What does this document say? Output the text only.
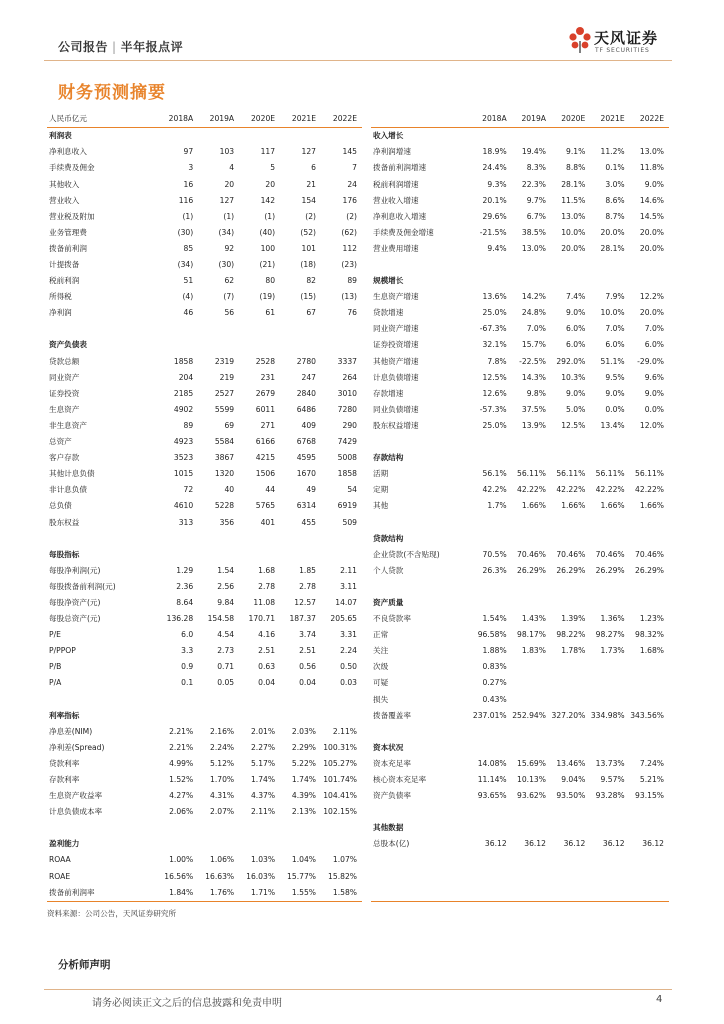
公司报告 | 半年报点评	天风证券
TF SECURITIES
财务预测摘要
人民币亿元	2018A	2019A	2020E	2021E	2022E
利润表					
净利息收入	97	103	117	127	145
手续费及佣金	3	4	5	6	7
其他收入	16	20	20	21	24
营业收入	116	127	142	154	176
营业税及附加	(1)	(1)	(1)	(2)	(2)
业务管理费	(30)	(34)	(40)	(52)	(62)
拨备前利润	85	92	100	101	112
计提拨备	(34)	(30)	(21)	(18)	(23)
税前利润	51	62	80	82	89
所得税	(4)	(7)	(19)	(15)	(13)
净利润	46	56	61	67	76

资产负债表					
贷款总额	1858	2319	2528	2780	3337
同业资产	204	219	231	247	264
证券投资	2185	2527	2679	2840	3010
生息资产	4902	5599	6011	6486	7280
非生息资产	89	69	271	409	290
总资产	4923	5584	6166	6768	7429
客户存款	3523	3867	4215	4595	5008
其他计息负债	1015	1320	1506	1670	1858
非计息负债	72	40	44	49	54
总负债	4610	5228	5765	6314	6919
股东权益	313	356	401	455	509

每股指标					
每股净利润(元)	1.29	1.54	1.68	1.85	2.11
每股拨备前利润(元)	2.36	2.56	2.78	2.78	3.11
每股净资产(元)	8.64	9.84	11.08	12.57	14.07
每股总资产(元)	136.28	154.58	170.71	187.37	205.65
P/E	6.0	4.54	4.16	3.74	3.31
P/PPOP	3.3	2.73	2.51	2.51	2.24
P/B	0.9	0.71	0.63	0.56	0.50
P/A	0.1	0.05	0.04	0.04	0.03

利率指标					
净息差(NIM)	2.21%	2.16%	2.01%	2.03%	2.11%
净利差(Spread)	2.21%	2.24%	2.27%	2.29%	100.31%
贷款利率	4.99%	5.12%	5.17%	5.22%	105.27%
存款利率	1.52%	1.70%	1.74%	1.74%	101.74%
生息资产收益率	4.27%	4.31%	4.37%	4.39%	104.41%
计息负债成本率	2.06%	2.07%	2.11%	2.13%	102.15%

盈利能力					
ROAA	1.00%	1.06%	1.03%	1.04%	1.07%
ROAE	16.56%	16.63%	16.03%	15.77%	15.82%
拨备前利润率	1.84%	1.76%	1.71%	1.55%	1.58%
	2018A	2019A	2020E	2021E	2022E
收入增长					
净利润增速	18.9%	19.4%	9.1%	11.2%	13.0%
拨备前利润增速	24.4%	8.3%	8.8%	0.1%	11.8%
税前利润增速	9.3%	22.3%	28.1%	3.0%	9.0%
营业收入增速	20.1%	9.7%	11.5%	8.6%	14.6%
净利息收入增速	29.6%	6.7%	13.0%	8.7%	14.5%
手续费及佣金增速	-21.5%	38.5%	10.0%	20.0%	20.0%
营业费用增速	9.4%	13.0%	20.0%	28.1%	20.0%

规模增长					
生息资产增速	13.6%	14.2%	7.4%	7.9%	12.2%
贷款增速	25.0%	24.8%	9.0%	10.0%	20.0%
同业资产增速	-67.3%	7.0%	6.0%	7.0%	7.0%
证券投资增速	32.1%	15.7%	6.0%	6.0%	6.0%
其他资产增速	7.8%	-22.5%	292.0%	51.1%	-29.0%
计息负债增速	12.5%	14.3%	10.3%	9.5%	9.6%
存款增速	12.6%	9.8%	9.0%	9.0%	9.0%
同业负债增速	-57.3%	37.5%	5.0%	0.0%	0.0%
股东权益增速	25.0%	13.9%	12.5%	13.4%	12.0%

存款结构					
活期	56.1%	56.11%	56.11%	56.11%	56.11%
定期	42.2%	42.22%	42.22%	42.22%	42.22%
其他	1.7%	1.66%	1.66%	1.66%	1.66%

贷款结构					
企业贷款(不含贴现)	70.5%	70.46%	70.46%	70.46%	70.46%
个人贷款	26.3%	26.29%	26.29%	26.29%	26.29%

资产质量					
不良贷款率	1.54%	1.43%	1.39%	1.36%	1.23%
正常	96.58%	98.17%	98.22%	98.27%	98.32%
关注	1.88%	1.83%	1.78%	1.73%	1.68%
次级	0.83%				
可疑	0.27%				
损失	0.43%				
拨备覆盖率	237.01%	252.94%	327.20%	334.98%	343.56%

资本状况					
资本充足率	14.08%	15.69%	13.46%	13.73%	7.24%
核心资本充足率	11.14%	10.13%	9.04%	9.57%	5.21%
资产负债率	93.65%	93.62%	93.50%	93.28%	93.15%

其他数据					
总股本(亿)	36.12	36.12	36.12	36.12	36.12

资料来源：公司公告，天风证券研究所
分析师声明
请务必阅读正文之后的信息披露和免责申明	4
